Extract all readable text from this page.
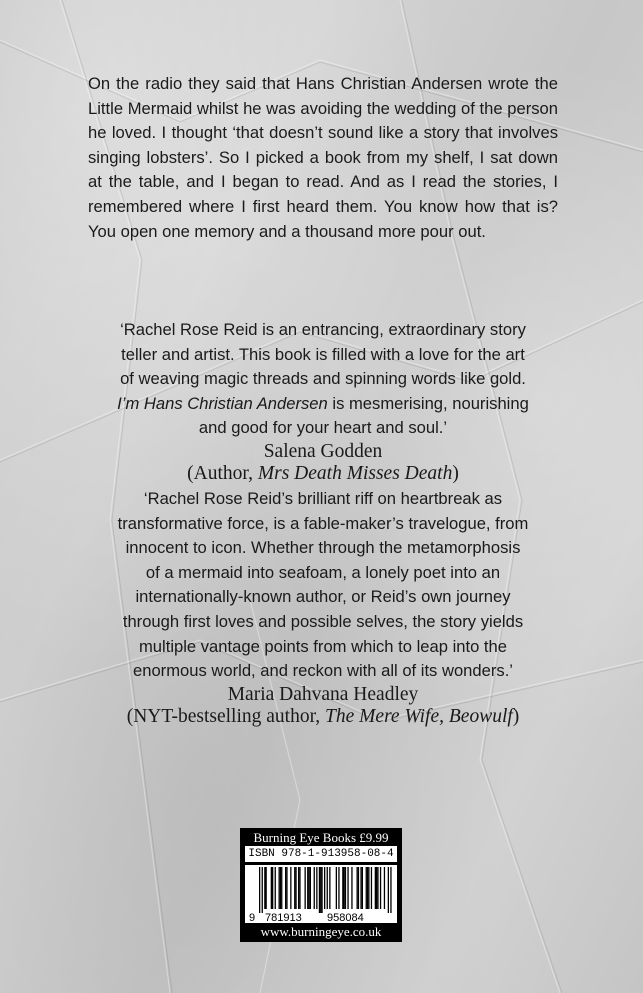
On the radio they said that Hans Christian Andersen wrote the Little Mermaid whilst he was avoiding the wedding of the person he loved. I thought ‘that doesn’t sound like a story that involves singing lobsters’. So I picked a book from my shelf, I sat down at the table, and I began to read. And as I read the stories, I remembered where I first heard them. You know how that is? You open one memory and a thousand more pour out.

‘Rachel Rose Reid is an entrancing, extraordinary story
teller and artist. This book is filled with a love for the art
of weaving magic threads and spinning words like gold.
I’m Hans Christian Andersen is mesmerising, nourishing
and good for your heart and soul.’
Salena Godden
(Author, Mrs Death Misses Death)
‘Rachel Rose Reid’s brilliant riff on heartbreak as
transformative force, is a fable-maker’s travelogue, from
innocent to icon. Whether through the metamorphosis
of a mermaid into seafoam, a lonely poet into an
internationally-known author, or Reid’s own journey
through first loves and possible selves, the story yields
multiple vantage points from which to leap into the
enormous world, and reckon with all of its wonders.’
Maria Dahvana Headley
(NYT-bestselling author, The Mere Wife, Beowulf)
Burning Eye Books £9.99
ISBN 978-1-913958-08-4
9 781913 958084
www.burningeye.co.uk
